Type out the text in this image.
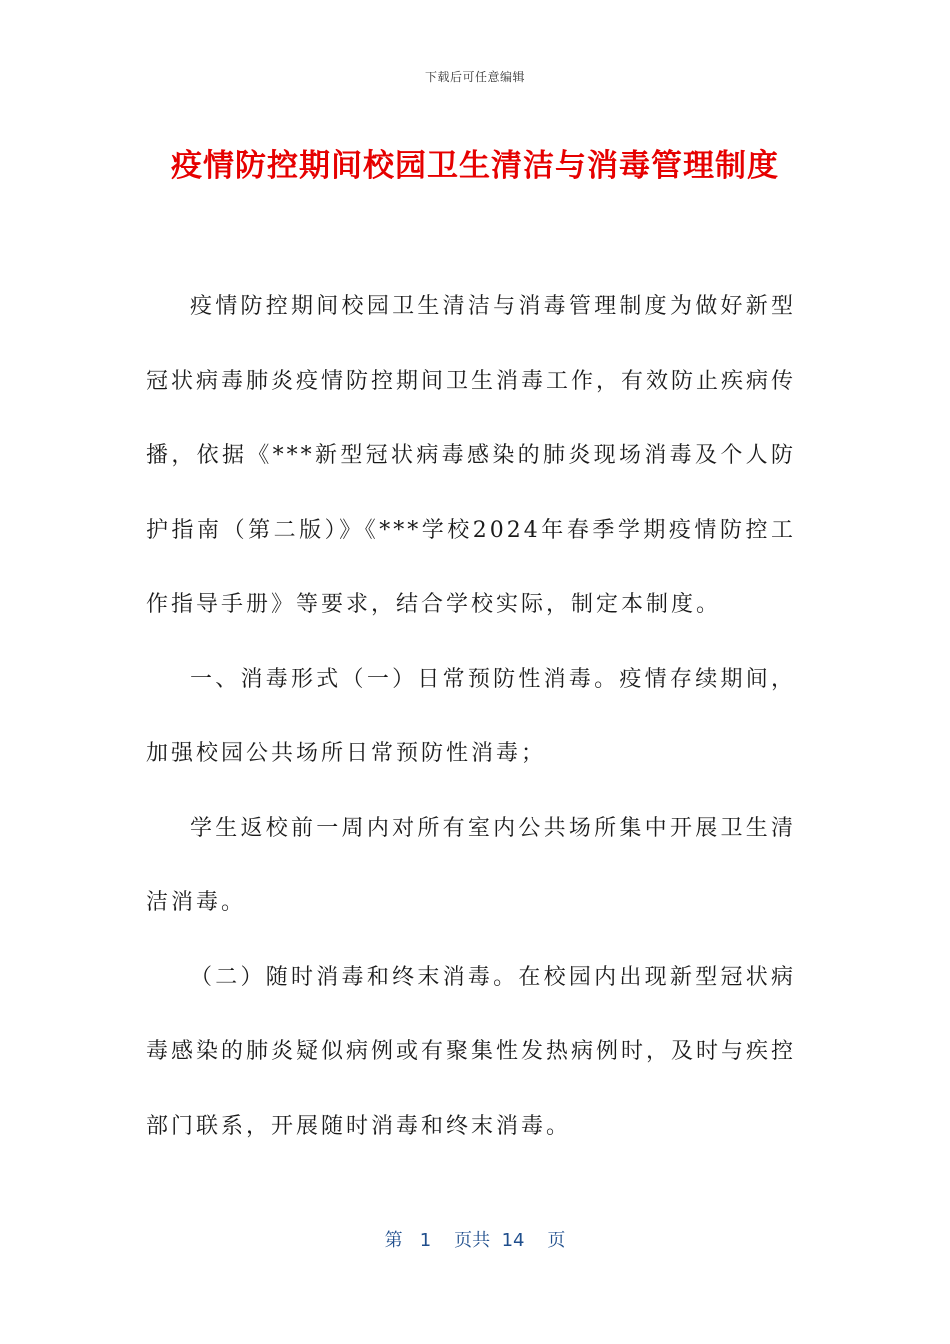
下载后可任意编辑
疫情防控期间校园卫生清洁与消毒管理制度

疫情防控期间校园卫生清洁与消毒管理制度为做好新型冠状病毒肺炎疫情防控期间卫生消毒工作，有效防止疾病传播，依据《***新型冠状病毒感染的肺炎现场消毒及个人防护指南（第二版）》《***学校2024年春季学期疫情防控工作指导手册》等要求，结合学校实际，制定本制度。

一、消毒形式（一）日常预防性消毒。疫情存续期间，加强校园公共场所日常预防性消毒；

学生返校前一周内对所有室内公共场所集中开展卫生清洁消毒。

（二）随时消毒和终末消毒。在校园内出现新型冠状病毒感染的肺炎疑似病例或有聚集性发热病例时，及时与疾控部门联系，开展随时消毒和终末消毒。

第 1 页共 14 页
